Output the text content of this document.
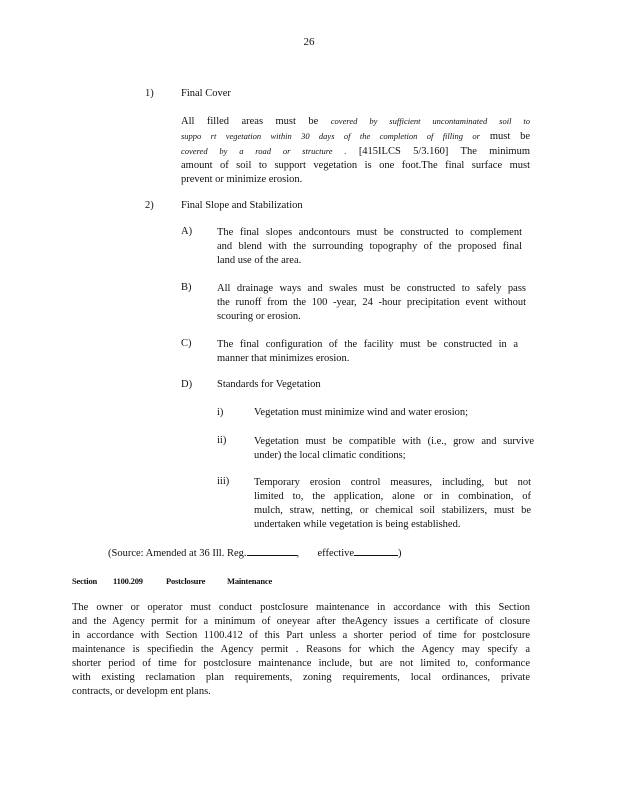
26
1)	Final Cover
All filled areas must be covered by sufficient uncontaminated soil to
suppo rt vegetation within 30 days of the completion of filling or must be
covered by a road or structure . [415ILCS 5/3.160] The minimum
amount of soil to support vegetation is one foot.The final surface must
prevent or minimize erosion.
2)	Final Slope and Stabilization
A) The final slopes andcontours must be constructed to complement
and blend with the surrounding topography of the proposed final
land use of the area.
B) All drainage ways and swales must be constructed to safely pass
the runoff from the 100 -year, 24 -hour precipitation event without
scouring or erosion.
C) The final configuration of the facility must be constructed in a
manner that minimizes erosion.
D) Standards for Vegetation
i)	Vegetation must minimize wind and water erosion;
ii)	Vegetation must be compatible with (i.e., grow and survive
under) the local climatic conditions;
iii) Temporary erosion control measures, including, but not
limited to, the application, alone or in combination, of
mulch, straw, netting, or chemical soil stabilizers, must be
undertaken while vegetation is being established.
(Source: Amended at 36 Ill. Reg.	, effective	)
Section 1100.209	Postclosure	Maintenance
The owner or operator must conduct postclosure maintenance in accordance with this Section
and the Agency permit for a minimum of oneyear after theAgency issues a certificate of closure
in accordance with Section 1100.412 of this Part unless a shorter period of time for postclosure
maintenance is specifiedin the Agency permit . Reasons for which the Agency may specify a
shorter period of time for postclosure maintenance include, but are not limited to, conformance
with existing reclamation plan requirements, zoning requirements, local ordinances, private
contracts, or developm ent plans.
